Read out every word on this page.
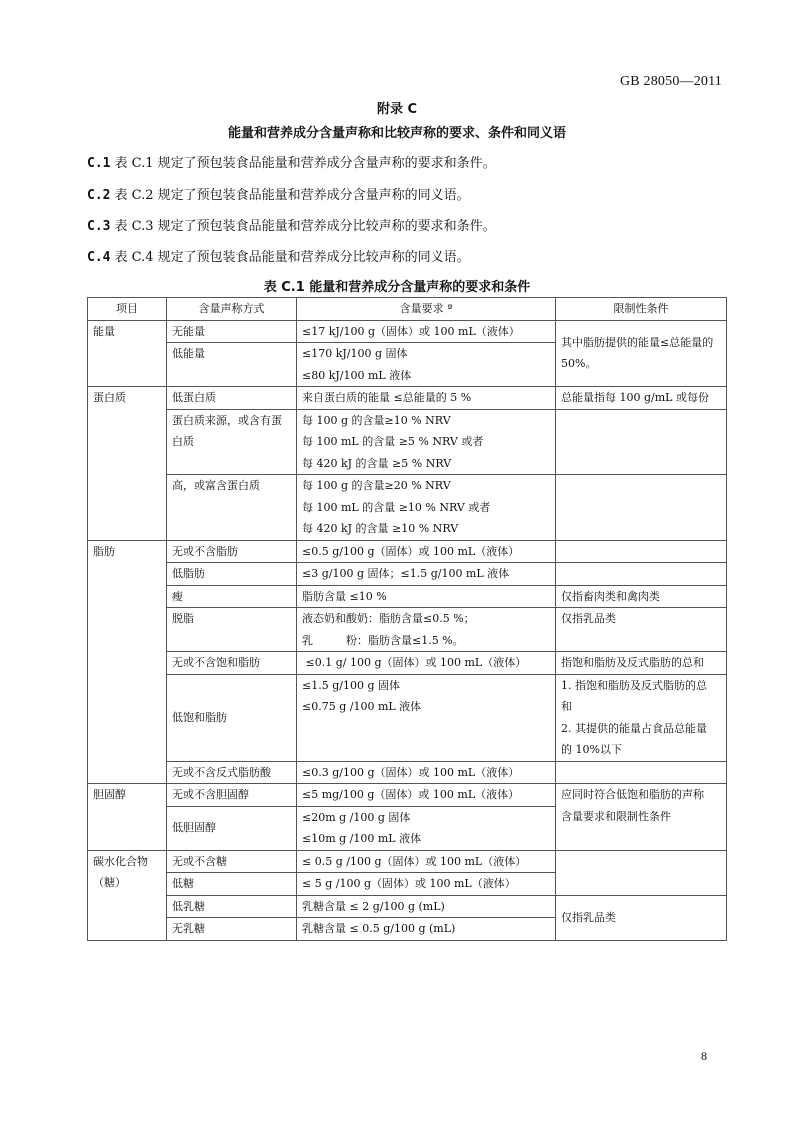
GB 28050—2011
附录 C
能量和营养成分含量声称和比较声称的要求、条件和同义语
C.1 表 C.1 规定了预包装食品能量和营养成分含量声称的要求和条件。
C.2 表 C.2 规定了预包装食品能量和营养成分含量声称的同义语。
C.3 表 C.3 规定了预包装食品能量和营养成分比较声称的要求和条件。
C.4 表 C.4 规定了预包装食品能量和营养成分比较声称的同义语。
表 C.1 能量和营养成分含量声称的要求和条件
项目	含量声称方式	含量要求 ª	限制性条件
能量	无能量	≤17 kJ/100 g（固体）或 100 mL（液体）	其中脂肪提供的能量≤总能量的 50%。
	低能量	≤170 kJ/100 g 固体
≤80 kJ/100 mL 液体	

蛋白质	低蛋白质	来自蛋白质的能量 ≤总能量的 5 %	总能量指每 100 g/mL 或每份

	蛋白质来源，或含有蛋白质	每 100 g 的含量≥10 % NRV
每 100 mL 的含量 ≥5 % NRV 或者
每 420 kJ 的含量 ≥5 % NRV	

	高，或富含蛋白质	每 100 g 的含量≥20 % NRV
每 100 mL 的含量 ≥10 % NRV 或者
每 420 kJ 的含量 ≥10 % NRV	

脂肪	无或不含脂肪	≤0.5 g/100 g（固体）或 100 mL（液体）	

	低脂肪	≤3 g/100 g 固体；≤1.5 g/100 mL 液体	

	瘦	脂肪含量 ≤10 %	仅指畜肉类和禽肉类
	脱脂	液态奶和酸奶：脂肪含量≤0.5 %；
乳　　　粉：脂肪含量≤1.5 %。	仅指乳品类
	无或不含饱和脂肪	≤0.1 g/ 100 g（固体）或 100 mL（液体）	指饱和脂肪及反式脂肪的总和

	低饱和脂肪	≤1.5 g/100 g 固体
≤0.75 g /100 mL 液体	1. 指饱和脂肪及反式脂肪的总
和
2. 其提供的能量占食品总能量
的 10%以下

	无或不含反式脂肪酸	≤0.3 g/100 g（固体）或 100 mL（液体）	

胆固醇	无或不含胆固醇	≤5 mg/100 g（固体）或 100 mL（液体）	应同时符合低饱和脂肪的声称
含量要求和限制性条件

	低胆固醇	≤20m g /100 g 固体
≤10m g /100 mL 液体	

碳水化合物
（糖）	无或不含糖	≤ 0.5 g /100 g（固体）或 100 mL（液体）	

	低糖	≤ 5 g /100 g（固体）或 100 mL（液体）	

	低乳糖	乳糖含量 ≤ 2 g/100 g (mL)	仅指乳品类
	无乳糖	乳糖含量 ≤ 0.5 g/100 g (mL)	
8
